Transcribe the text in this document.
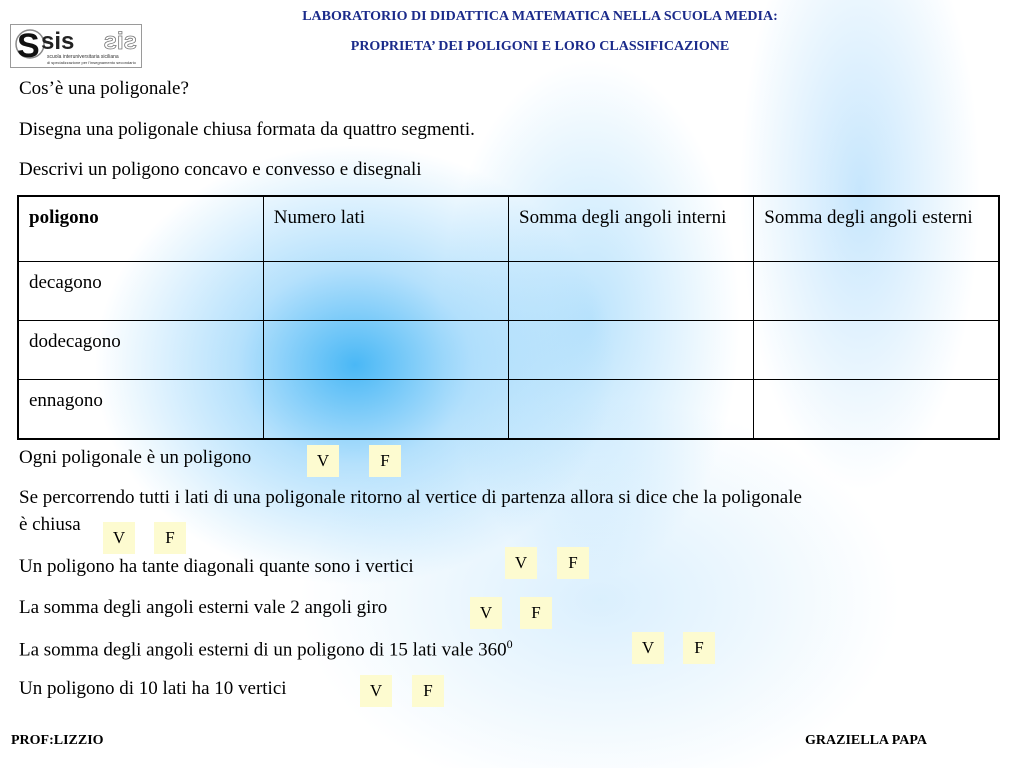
S sis sis
scuola interuniversitaria siciliana
di specializzazione per l'insegnamento secondario
LABORATORIO DI DIDATTICA MATEMATICA NELLA SCUOLA MEDIA:
PROPRIETA’ DEI POLIGONI E LORO CLASSIFICAZIONE
Cos’è una poligonale?
Disegna una poligonale chiusa formata da quattro segmenti.
Descrivi un poligono concavo e convesso e disegnali
poligono	Numero lati	Somma degli angoli interni	Somma degli angoli esterni
decagono			
dodecagono			
ennagono			
Ogni poligonale è un poligono	V	F
Se percorrendo tutti i lati di una poligonale ritorno al vertice di partenza allora si dice che la poligonale
è chiusa
V	F
Un poligono ha tante diagonali quante sono i vertici	V	F
La somma degli angoli esterni vale 2 angoli giro	V	F
La somma degli angoli esterni di un poligono di 15 lati vale $360^0$	V	F
Un poligono di 10 lati ha 10 vertici	V	F
PROF:LIZZIO	GRAZIELLA PAPA
